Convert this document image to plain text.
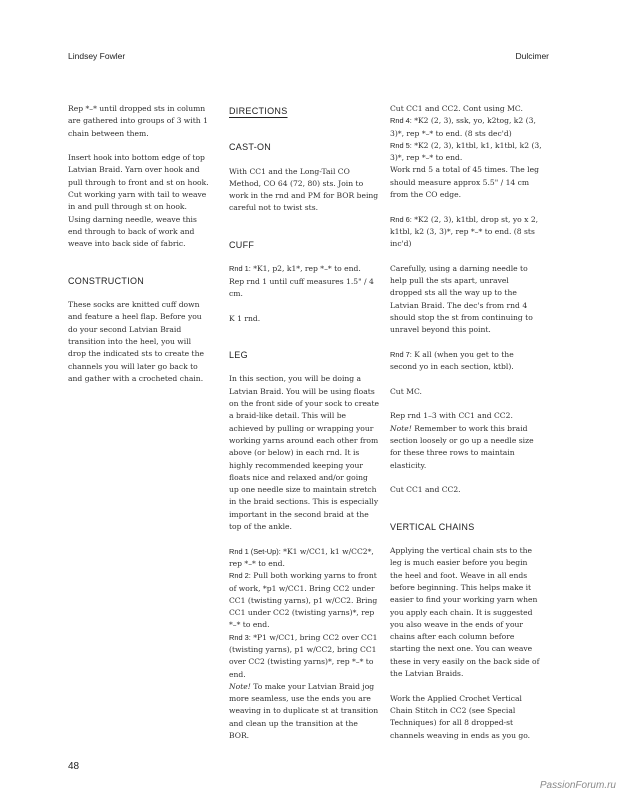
Lindsey Fowler	Dulcimer

Rep *–* until dropped sts in column are gathered into groups of 3 with 1 chain between them.

Insert hook into bottom edge of top Latvian Braid. Yarn over hook and pull through to front and st on hook. Cut working yarn with tail to weave in and pull through st on hook. Using darning needle, weave this end through to back of work and weave into back side of fabric.

CONSTRUCTION

These socks are knitted cuff down and feature a heel flap. Before you do your second Latvian Braid transition into the heel, you will drop the indicated sts to create the channels you will later go back to and gather with a crocheted chain.

DIRECTIONS
CAST-ON

With CC1 and the Long-Tail CO Method, CO 64 (72, 80) sts. Join to work in the rnd and PM for BOR being careful not to twist sts.

CUFF

Rnd 1: *K1, p2, k1*, rep *–* to end.
Rep rnd 1 until cuff measures 1.5" / 4 cm.

K 1 rnd.

LEG

In this section, you will be doing a Latvian Braid. You will be using floats on the front side of your sock to create a braid-like detail. This will be achieved by pulling or wrapping your working yarns around each other from above (or below) in each rnd. It is highly recommended keeping your floats nice and relaxed and/or going up one needle size to maintain stretch in the braid sections. This is especially important in the second braid at the top of the ankle.

Rnd 1 (Set-Up): *K1 w/CC1, k1 w/CC2*, rep *–* to end.
Rnd 2: Pull both working yarns to front of work, *p1 w/CC1. Bring CC2 under CC1 (twisting yarns), p1 w/CC2. Bring CC1 under CC2 (twisting yarns)*, rep *–* to end.
Rnd 3: *P1 w/CC1, bring CC2 over CC1 (twisting yarns), p1 w/CC2, bring CC1 over CC2 (twisting yarns)*, rep *–* to end.
Note! To make your Latvian Braid jog more seamless, use the ends you are weaving in to duplicate st at transition and clean up the transition at the BOR.

Cut CC1 and CC2. Cont using MC.
Rnd 4: *K2 (2, 3), ssk, yo, k2tog, k2 (3, 3)*, rep *–* to end. (8 sts dec'd)
Rnd 5: *K2 (2, 3), k1tbl, k1, k1tbl, k2 (3, 3)*, rep *–* to end.
Work rnd 5 a total of 45 times. The leg should measure approx 5.5" / 14 cm from the CO edge.

Rnd 6: *K2 (2, 3), k1tbl, drop st, yo x 2, k1tbl, k2 (3, 3)*, rep *–* to end. (8 sts inc'd)

Carefully, using a darning needle to help pull the sts apart, unravel dropped sts all the way up to the Latvian Braid. The dec's from rnd 4 should stop the st from continuing to unravel beyond this point.

Rnd 7: K all (when you get to the second yo in each section, ktbl).

Cut MC.

Rep rnd 1–3 with CC1 and CC2.
Note! Remember to work this braid section loosely or go up a needle size for these three rows to maintain elasticity.

Cut CC1 and CC2.

VERTICAL CHAINS

Applying the vertical chain sts to the leg is much easier before you begin the heel and foot. Weave in all ends before beginning. This helps make it easier to find your working yarn when you apply each chain. It is suggested you also weave in the ends of your chains after each column before starting the next one. You can weave these in very easily on the back side of the Latvian Braids.

Work the Applied Crochet Vertical Chain Stitch in CC2 (see Special Techniques) for all 8 dropped-st channels weaving in ends as you go.

48
PassionForum.ru
